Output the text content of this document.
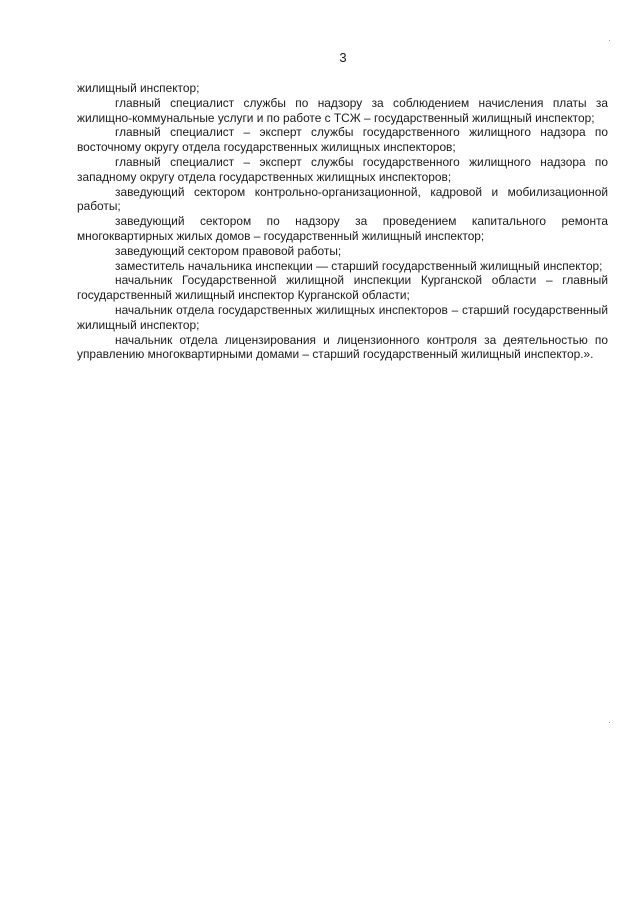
3

жилищный инспектор;

главный специалист службы по надзору за соблюдением начисления платы за жилищно-коммунальные услуги и по работе с ТСЖ – государственный жилищный инспектор;

главный специалист – эксперт службы государственного жилищного надзора по восточному округу отдела государственных жилищных инспекторов;

главный специалист – эксперт службы государственного жилищного надзора по западному округу отдела государственных жилищных инспекторов;

заведующий сектором контрольно-организационной, кадровой и мобилизационной работы;

заведующий сектором по надзору за проведением капитального ремонта многоквартирных жилых домов – государственный жилищный инспектор;

заведующий сектором правовой работы;

заместитель начальника инспекции — старший государственный жилищный инспектор;

начальник Государственной жилищной инспекции Курганской области – главный государственный жилищный инспектор Курганской области;

начальник отдела государственных жилищных инспекторов – старший государственный жилищный инспектор;

начальник отдела лицензирования и лицензионного контроля за деятельностью по управлению многоквартирными домами – старший государственный жилищный инспектор.».
